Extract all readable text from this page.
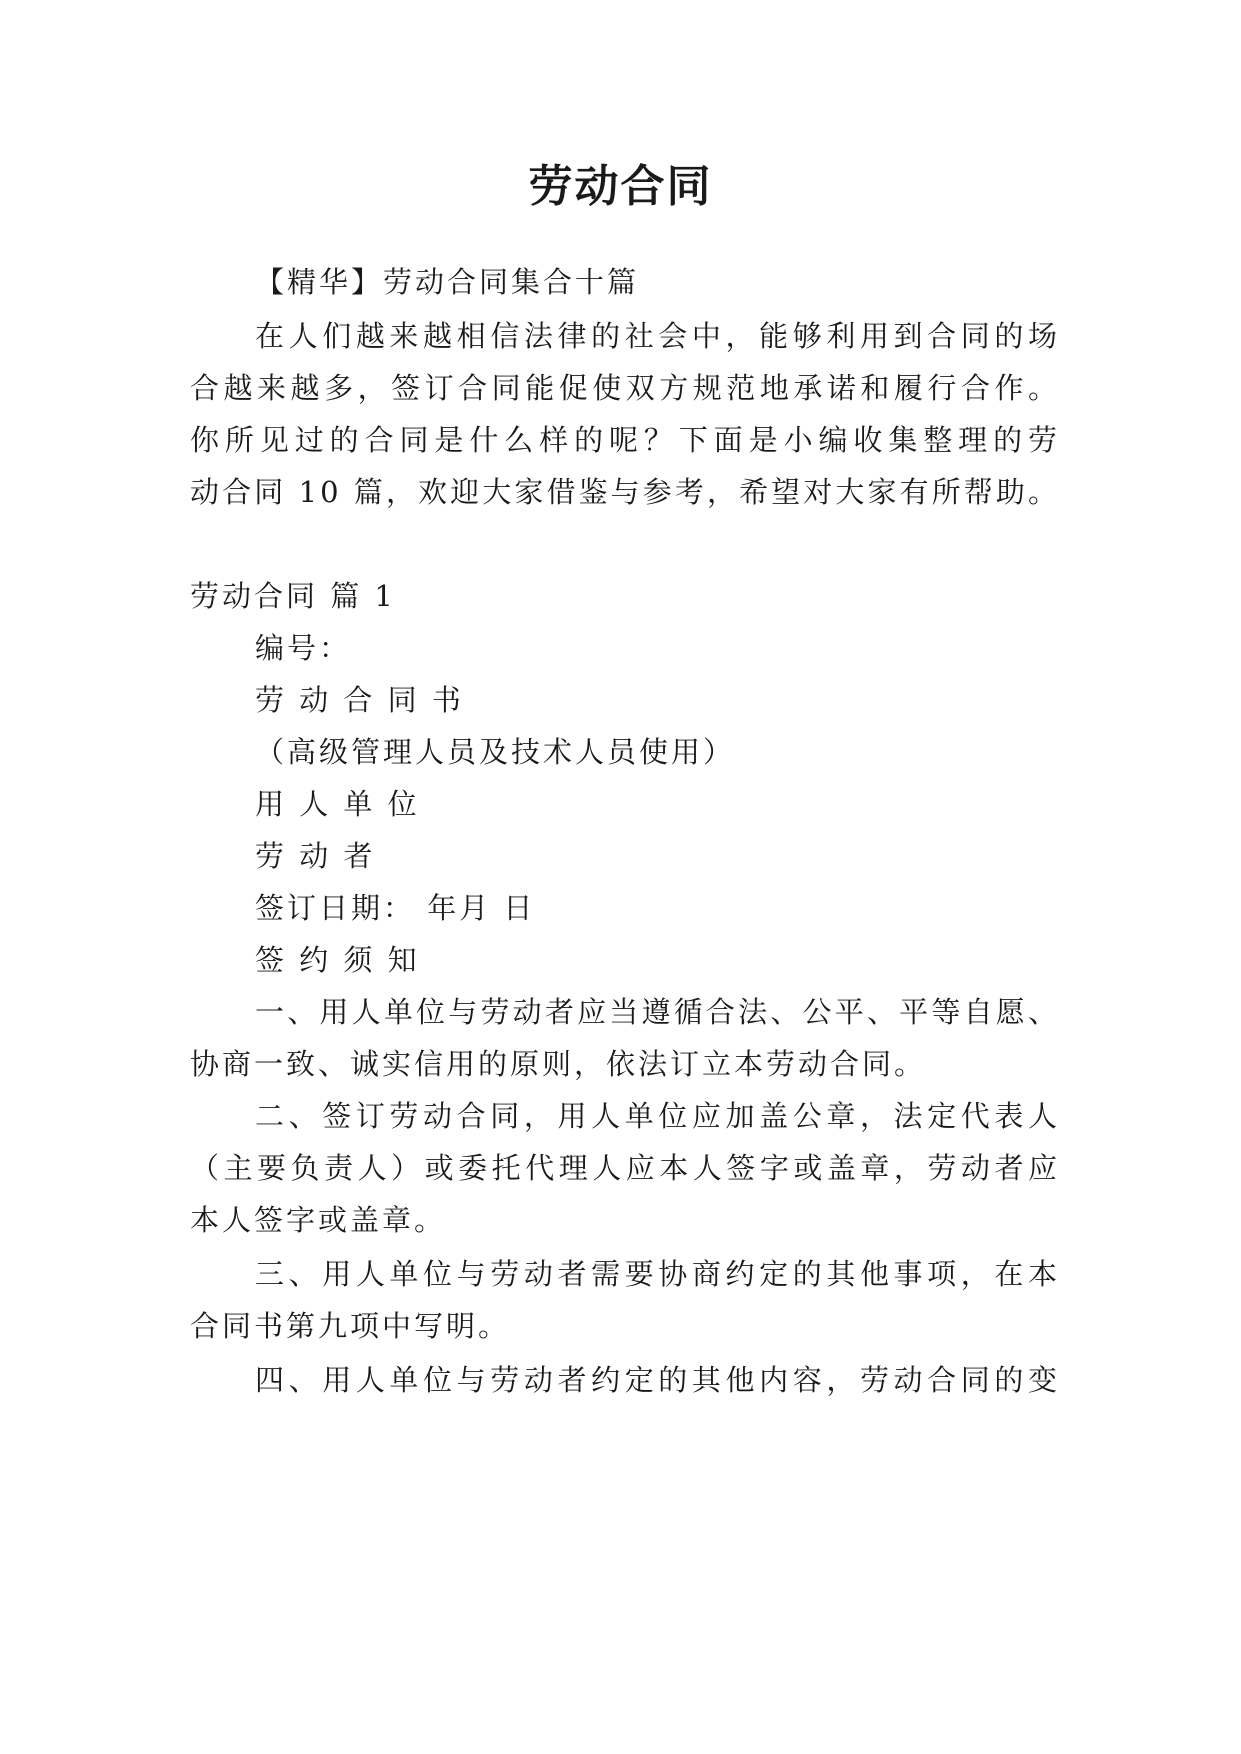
劳动合同
【精华】劳动合同集合十篇
在人们越来越相信法律的社会中，能够利用到合同的场
合越来越多，签订合同能促使双方规范地承诺和履行合作。
你所见过的合同是什么样的呢？下面是小编收集整理的劳
动合同 10 篇，欢迎大家借鉴与参考，希望对大家有所帮助。
劳动合同 篇 1
编号：
劳 动 合 同 书
（高级管理人员及技术人员使用）
用 人 单 位
劳 动 者
签订日期： 年月 日
签 约 须 知
一、用人单位与劳动者应当遵循合法、公平、平等自愿、
协商一致、诚实信用的原则，依法订立本劳动合同。
二、签订劳动合同，用人单位应加盖公章，法定代表人
（主要负责人）或委托代理人应本人签字或盖章，劳动者应
本人签字或盖章。
三、用人单位与劳动者需要协商约定的其他事项，在本
合同书第九项中写明。
四、用人单位与劳动者约定的其他内容，劳动合同的变
